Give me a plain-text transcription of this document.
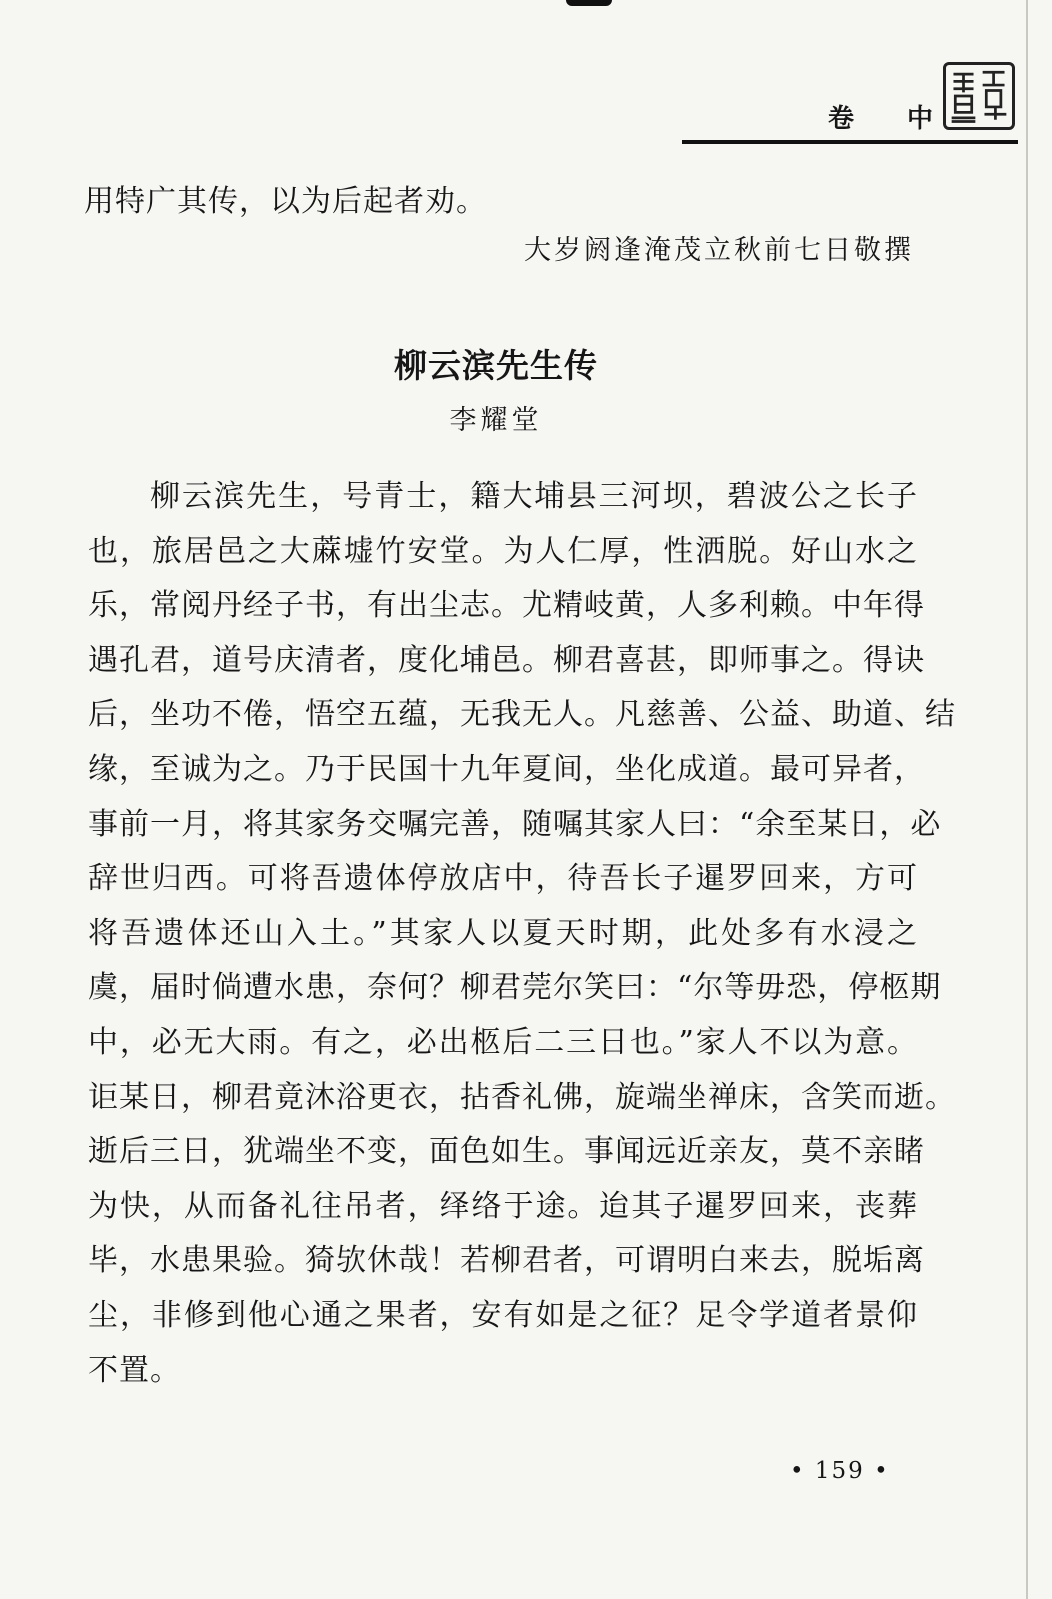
卷 中
用特广其传，以为后起者劝。
大岁阏逢淹茂立秋前七日敬撰
柳云滨先生传
李耀堂
柳云滨先生，号青士，籍大埔县三河坝，碧波公之长子
也，旅居邑之大蔴墟竹安堂。为人仁厚，性洒脱。好山水之
乐，常阅丹经子书，有出尘志。尤精岐黄，人多利赖。中年得
遇孔君，道号庆清者，度化埔邑。柳君喜甚，即师事之。得诀
后，坐功不倦，悟空五蕴，无我无人。凡慈善、公益、助道、结
缘，至诚为之。乃于民国十九年夏间，坐化成道。最可异者，
事前一月，将其家务交嘱完善，随嘱其家人曰：“余至某日，必
辞世归西。可将吾遗体停放店中，待吾长子暹罗回来，方可
将吾遗体还山入土。”其家人以夏天时期，此处多有水浸之
虞，届时倘遭水患，奈何？柳君莞尔笑曰：“尔等毋恐，停柩期
中，必无大雨。有之，必出柩后二三日也。”家人不以为意。
讵某日，柳君竟沐浴更衣，拈香礼佛，旋端坐禅床，含笑而逝。
逝后三日，犹端坐不变，面色如生。事闻远近亲友，莫不亲睹
为快，从而备礼往吊者，绎络于途。迨其子暹罗回来，丧葬
毕，水患果验。猗欤休哉！若柳君者，可谓明白来去，脱垢离
尘，非修到他心通之果者，安有如是之征？足令学道者景仰
不置。
• 159 •
